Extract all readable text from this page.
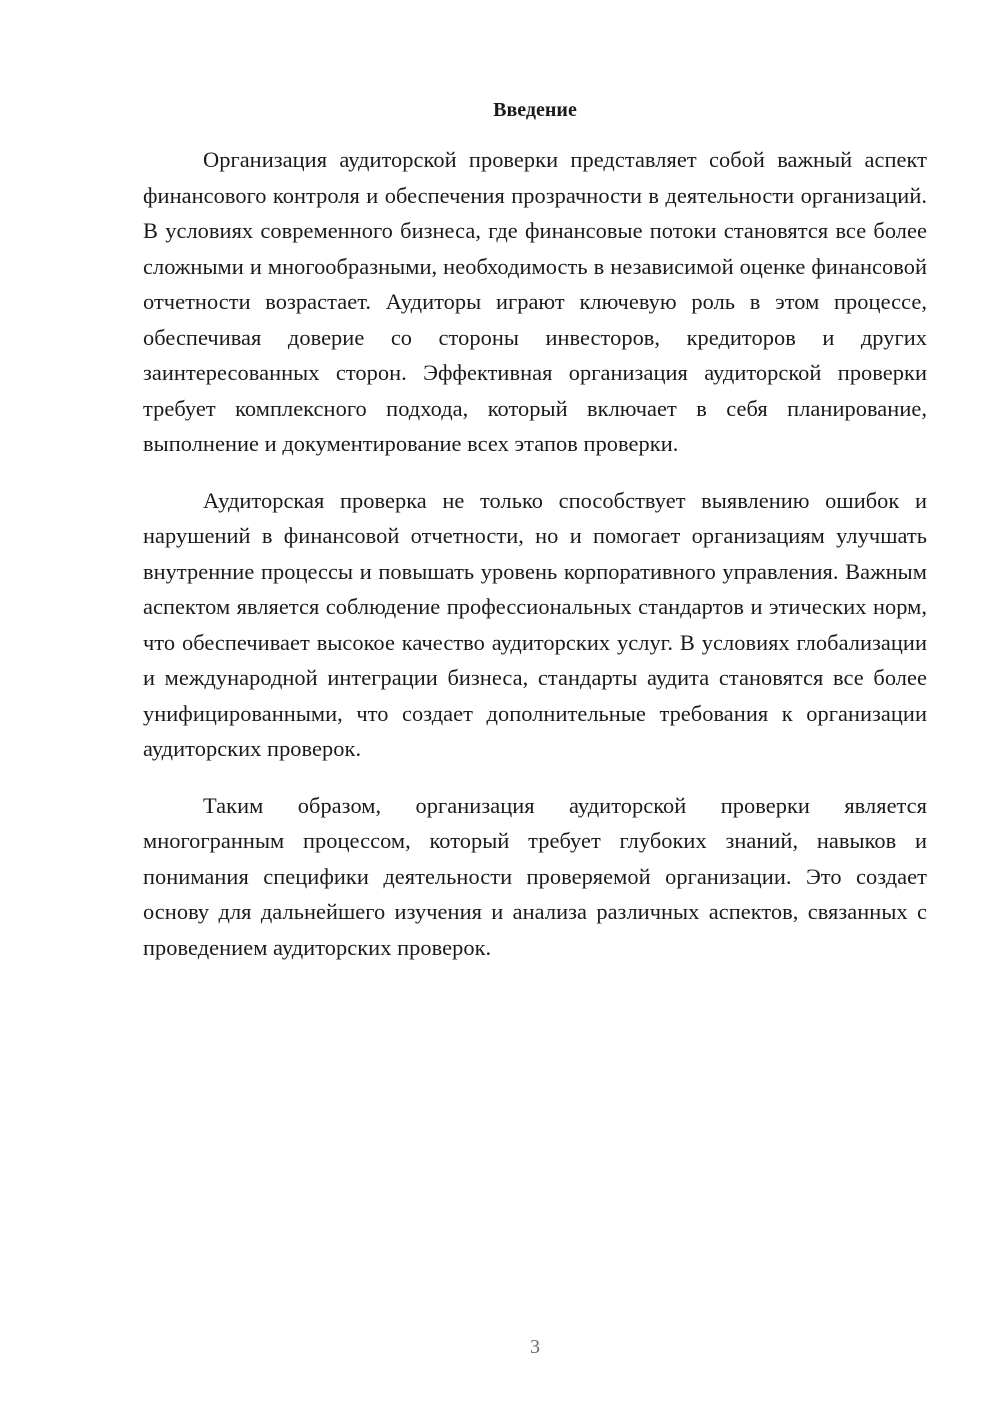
Введение

Организация аудиторской проверки представляет собой важный аспект финансового контроля и обеспечения прозрачности в деятельности организаций. В условиях современного бизнеса, где финансовые потоки становятся все более сложными и многообразными, необходимость в независимой оценке финансовой отчетности возрастает. Аудиторы играют ключевую роль в этом процессе, обеспечивая доверие со стороны инвесторов, кредиторов и других заинтересованных сторон. Эффективная организация аудиторской проверки требует комплексного подхода, который включает в себя планирование, выполнение и документирование всех этапов проверки.

Аудиторская проверка не только способствует выявлению ошибок и нарушений в финансовой отчетности, но и помогает организациям улучшать внутренние процессы и повышать уровень корпоративного управления. Важным аспектом является соблюдение профессиональных стандартов и этических норм, что обеспечивает высокое качество аудиторских услуг. В условиях глобализации и международной интеграции бизнеса, стандарты аудита становятся все более унифицированными, что создает дополнительные требования к организации аудиторских проверок.

Таким образом, организация аудиторской проверки является многогранным процессом, который требует глубоких знаний, навыков и понимания специфики деятельности проверяемой организации. Это создает основу для дальнейшего изучения и анализа различных аспектов, связанных с проведением аудиторских проверок.

3
